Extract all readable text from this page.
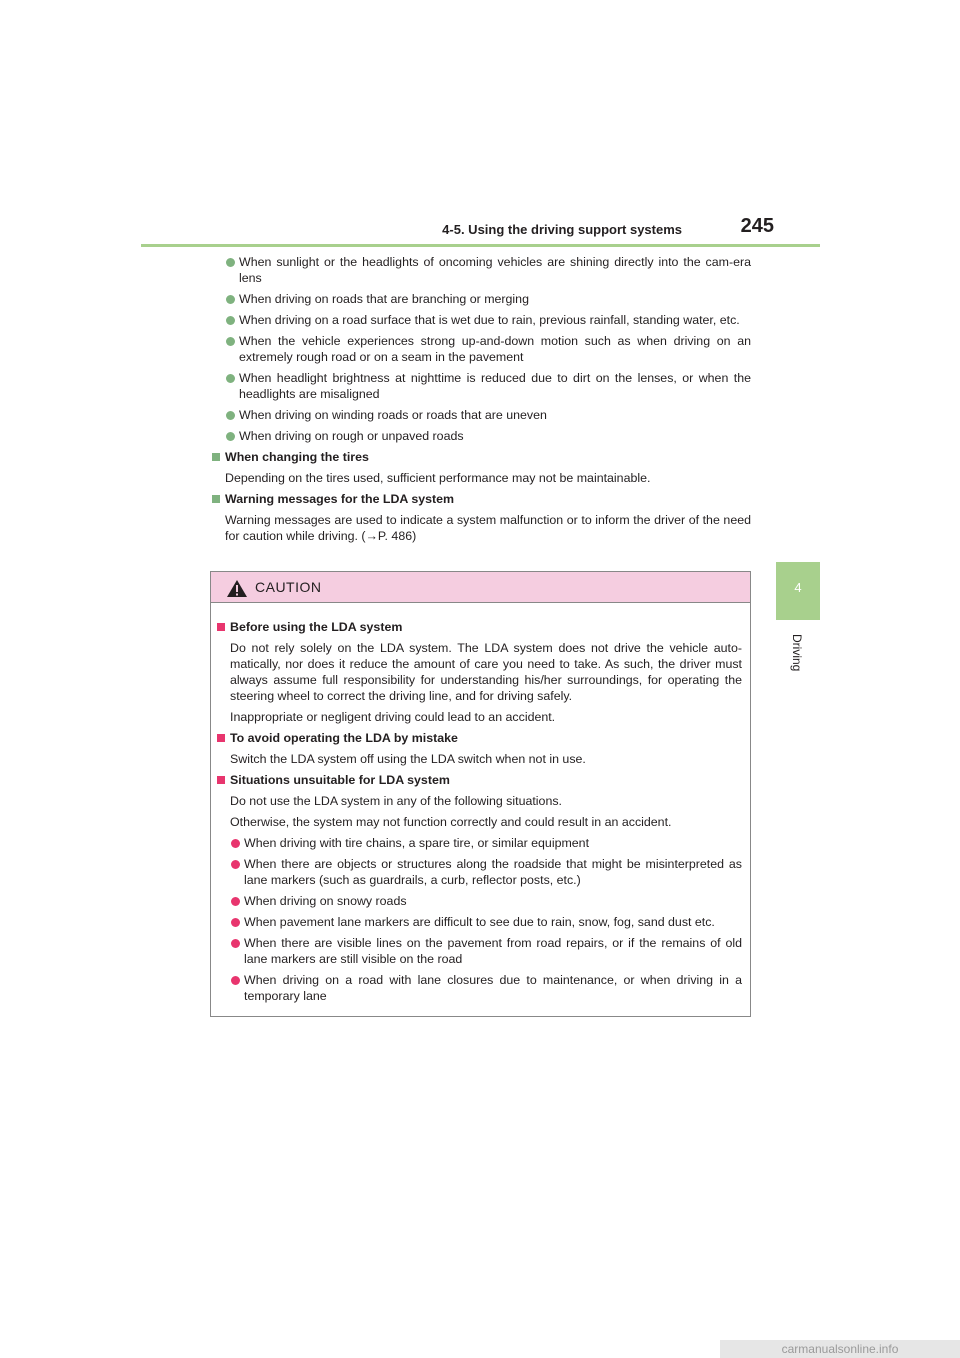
4-5. Using the driving support systems	245
4
Driving
When sunlight or the headlights of oncoming vehicles are shining directly into the cam-era lens
When driving on roads that are branching or merging
When driving on a road surface that is wet due to rain, previous rainfall, standing water, etc.
When the vehicle experiences strong up-and-down motion such as when driving on an extremely rough road or on a seam in the pavement
When headlight brightness at nighttime is reduced due to dirt on the lenses, or when the headlights are misaligned
When driving on winding roads or roads that are uneven
When driving on rough or unpaved roads
When changing the tires
Depending on the tires used, sufficient performance may not be maintainable.
Warning messages for the LDA system
Warning messages are used to indicate a system malfunction or to inform the driver of the need for caution while driving. (→P. 486)
CAUTION
Before using the LDA system
Do not rely solely on the LDA system. The LDA system does not drive the vehicle auto-matically, nor does it reduce the amount of care you need to take. As such, the driver must always assume full responsibility for understanding his/her surroundings, for operating the steering wheel to correct the driving line, and for driving safely.
Inappropriate or negligent driving could lead to an accident.
To avoid operating the LDA by mistake
Switch the LDA system off using the LDA switch when not in use.
Situations unsuitable for LDA system
Do not use the LDA system in any of the following situations.
Otherwise, the system may not function correctly and could result in an accident.
When driving with tire chains, a spare tire, or similar equipment
When there are objects or structures along the roadside that might be misinterpreted as lane markers (such as guardrails, a curb, reflector posts, etc.)
When driving on snowy roads
When pavement lane markers are difficult to see due to rain, snow, fog, sand dust etc.
When there are visible lines on the pavement from road repairs, or if the remains of old lane markers are still visible on the road
When driving on a road with lane closures due to maintenance, or when driving in a temporary lane
carmanualsonline.info
